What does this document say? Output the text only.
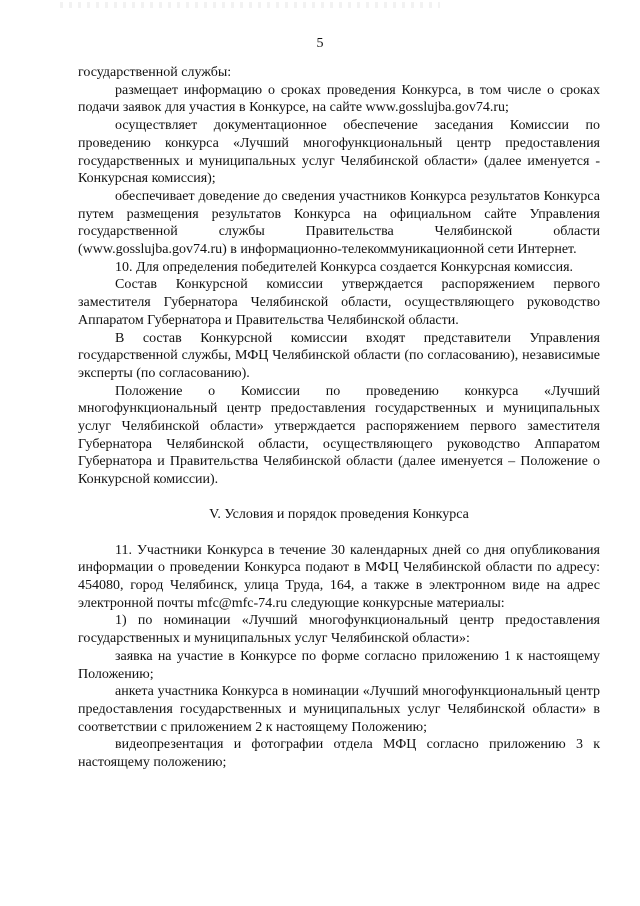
5

государственной службы:

размещает информацию о сроках проведения Конкурса, в том числе о сроках подачи заявок для участия в Конкурсе, на сайте www.gosslujba.gov74.ru;

осуществляет документационное обеспечение заседания Комиссии по проведению конкурса «Лучший многофункциональный центр предоставления государственных и муниципальных услуг Челябинской области» (далее именуется - Конкурсная комиссия);

обеспечивает доведение до сведения участников Конкурса результатов Конкурса путем размещения результатов Конкурса на официальном сайте Управления государственной службы Правительства Челябинской области (www.gosslujba.gov74.ru) в информационно-телекоммуникационной сети Интернет.

10. Для определения победителей Конкурса создается Конкурсная комиссия.

Состав Конкурсной комиссии утверждается распоряжением первого заместителя Губернатора Челябинской области, осуществляющего руководство Аппаратом Губернатора и Правительства Челябинской области.

В состав Конкурсной комиссии входят представители Управления государственной службы, МФЦ Челябинской области (по согласованию), независимые эксперты (по согласованию).

Положение о Комиссии по проведению конкурса «Лучший многофункциональный центр предоставления государственных и муниципальных услуг Челябинской области» утверждается распоряжением первого заместителя Губернатора Челябинской области, осуществляющего руководство Аппаратом Губернатора и Правительства Челябинской области (далее именуется – Положение о Конкурсной комиссии).

V. Условия и порядок проведения Конкурса

11. Участники Конкурса в течение 30 календарных дней со дня опубликования информации о проведении Конкурса подают в МФЦ Челябинской области по адресу: 454080, город Челябинск, улица Труда, 164, а также в электронном виде на адрес электронной почты mfc@mfc-74.ru следующие конкурсные материалы:

1) по номинации «Лучший многофункциональный центр предоставления государственных и муниципальных услуг Челябинской области»:

заявка на участие в Конкурсе по форме согласно приложению 1 к настоящему Положению;

анкета участника Конкурса в номинации «Лучший многофункциональный центр предоставления государственных и муниципальных услуг Челябинской области» в соответствии с приложением 2 к настоящему Положению;

видеопрезентация и фотографии отдела МФЦ согласно приложению 3 к настоящему положению;
